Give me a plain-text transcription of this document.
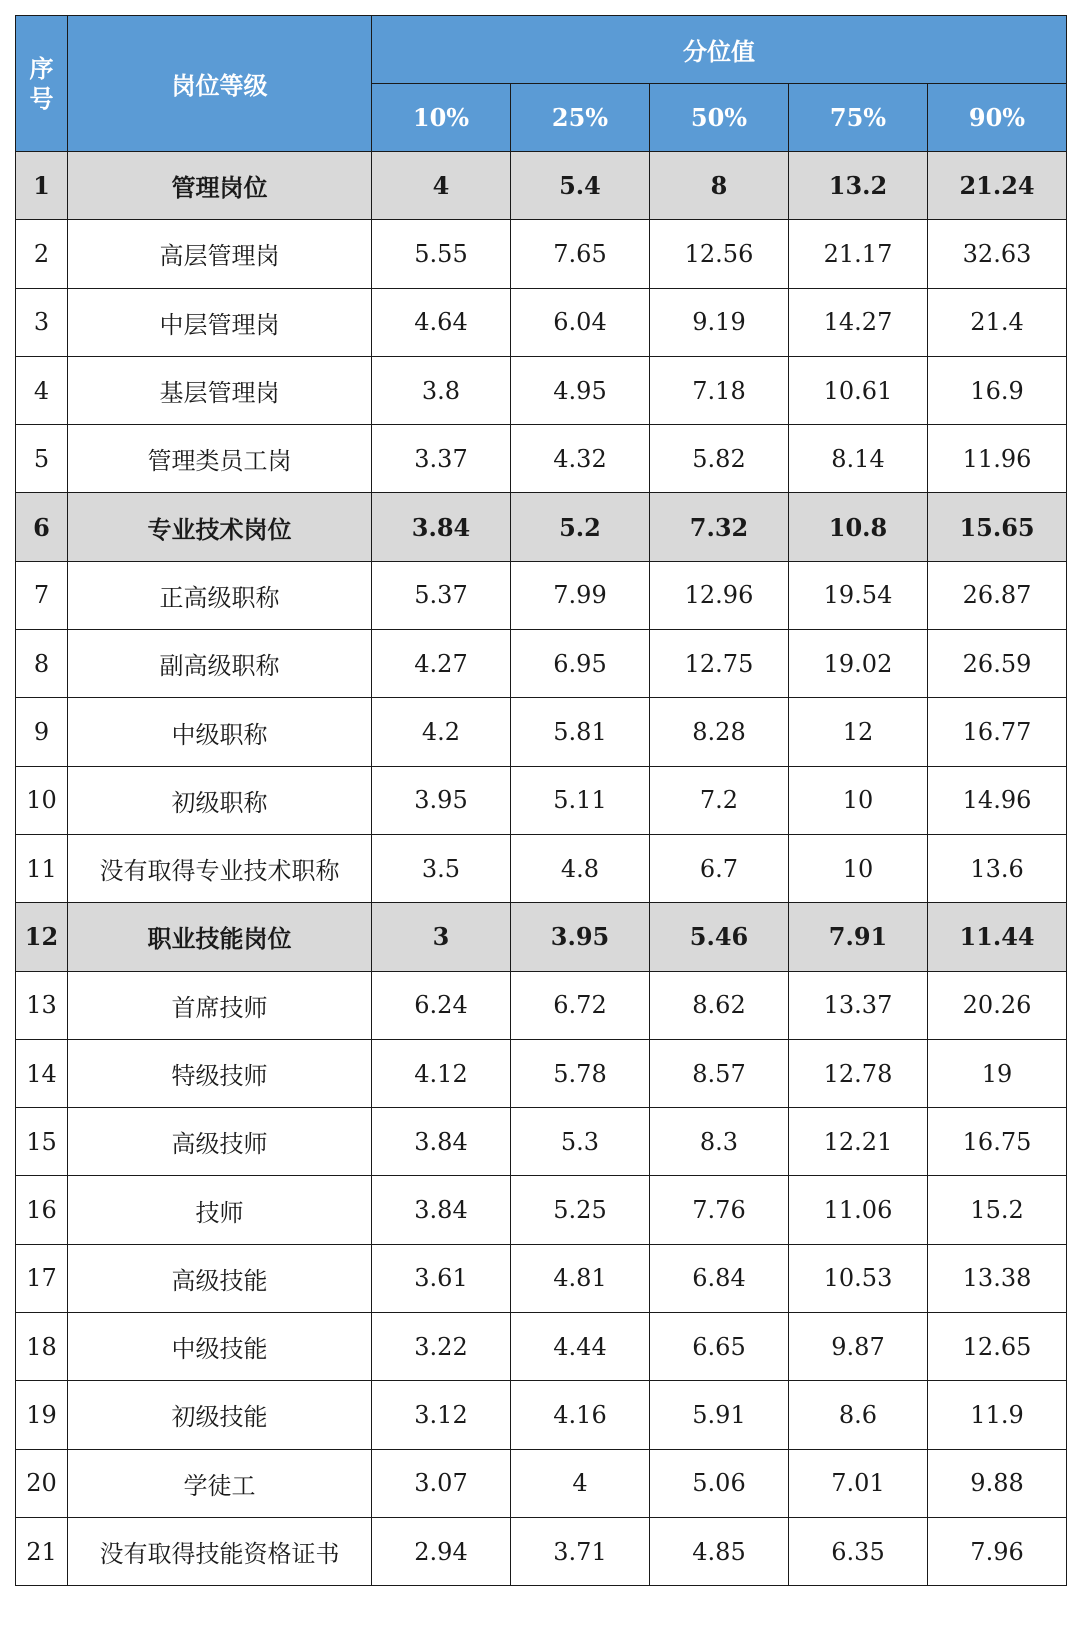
序
号	岗位等级	分位值				
		10%	25%	50%	75%	90%
1	管理岗位	4	5.4	8	13.2	21.24
2	高层管理岗	5.55	7.65	12.56	21.17	32.63
3	中层管理岗	4.64	6.04	9.19	14.27	21.4
4	基层管理岗	3.8	4.95	7.18	10.61	16.9
5	管理类员工岗	3.37	4.32	5.82	8.14	11.96
6	专业技术岗位	3.84	5.2	7.32	10.8	15.65
7	正高级职称	5.37	7.99	12.96	19.54	26.87
8	副高级职称	4.27	6.95	12.75	19.02	26.59
9	中级职称	4.2	5.81	8.28	12	16.77
10	初级职称	3.95	5.11	7.2	10	14.96
11	没有取得专业技术职称	3.5	4.8	6.7	10	13.6
12	职业技能岗位	3	3.95	5.46	7.91	11.44
13	首席技师	6.24	6.72	8.62	13.37	20.26
14	特级技师	4.12	5.78	8.57	12.78	19
15	高级技师	3.84	5.3	8.3	12.21	16.75
16	技师	3.84	5.25	7.76	11.06	15.2
17	高级技能	3.61	4.81	6.84	10.53	13.38
18	中级技能	3.22	4.44	6.65	9.87	12.65
19	初级技能	3.12	4.16	5.91	8.6	11.9
20	学徒工	3.07	4	5.06	7.01	9.88
21	没有取得技能资格证书	2.94	3.71	4.85	6.35	7.96
